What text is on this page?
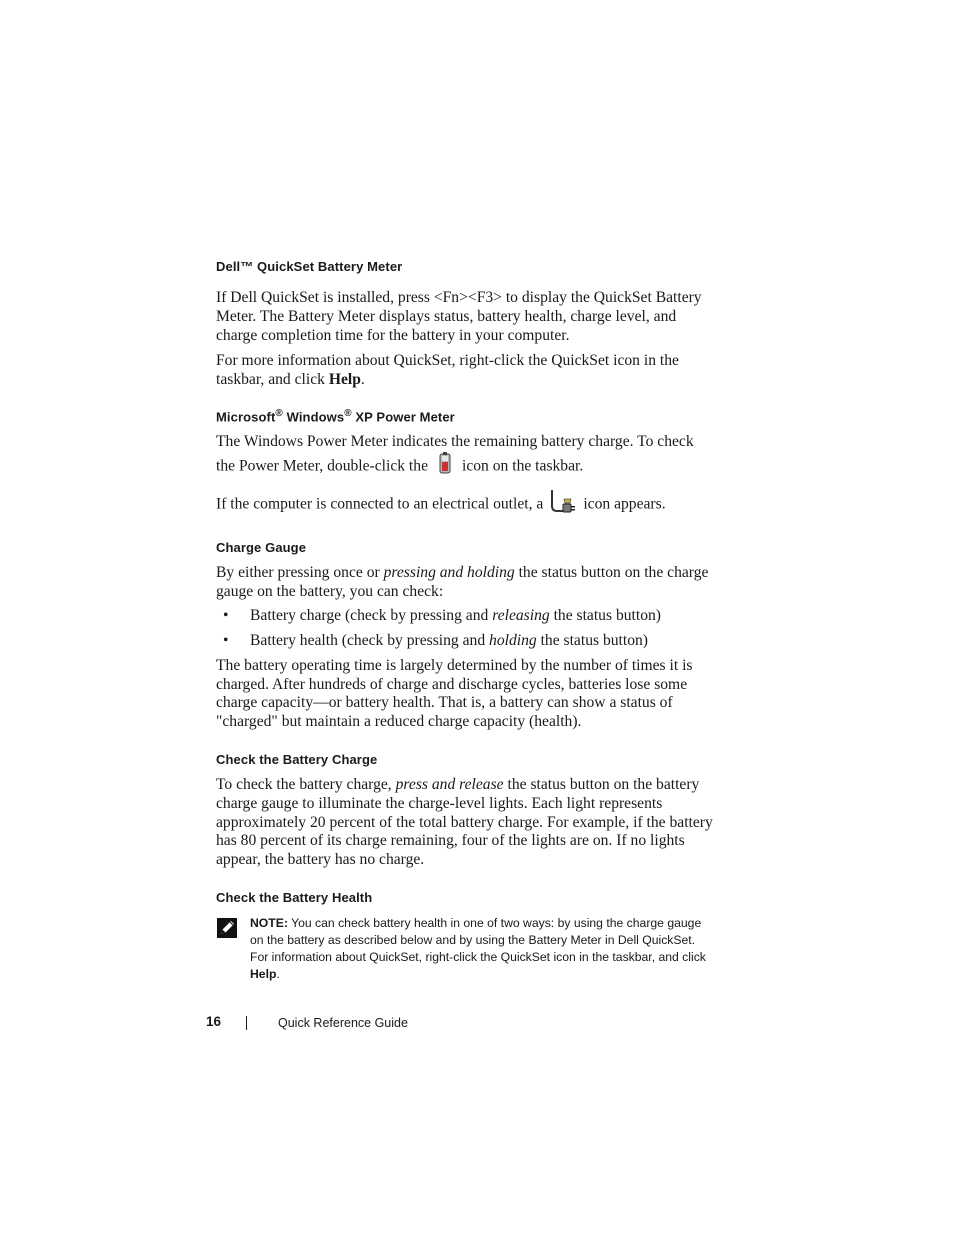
Dell™ QuickSet Battery Meter

If Dell QuickSet is installed, press <Fn><F3> to display the QuickSet Battery Meter. The Battery Meter displays status, battery health, charge level, and charge completion time for the battery in your computer.

For more information about QuickSet, right-click the QuickSet icon in the taskbar, and click Help.

Microsoft® Windows® XP Power Meter

The Windows Power Meter indicates the remaining battery charge. To check the Power Meter, double-click the icon on the taskbar.

If the computer is connected to an electrical outlet, a	icon appears.

Charge Gauge

By either pressing once or pressing and holding the status button on the charge gauge on the battery, you can check:

• Battery charge (check by pressing and releasing the status button)
• Battery health (check by pressing and holding the status button)

The battery operating time is largely determined by the number of times it is charged. After hundreds of charge and discharge cycles, batteries lose some charge capacity—or battery health. That is, a battery can show a status of "charged" but maintain a reduced charge capacity (health).

Check the Battery Charge

To check the battery charge, press and release the status button on the battery charge gauge to illuminate the charge-level lights. Each light represents approximately 20 percent of the total battery charge. For example, if the battery has 80 percent of its charge remaining, four of the lights are on. If no lights appear, the battery has no charge.

Check the Battery Health
NOTE: You can check battery health in one of two ways: by using the charge gauge on the battery as described below and by using the Battery Meter in Dell QuickSet. For information about QuickSet, right-click the QuickSet icon in the taskbar, and click Help.
16	Quick Reference Guide
